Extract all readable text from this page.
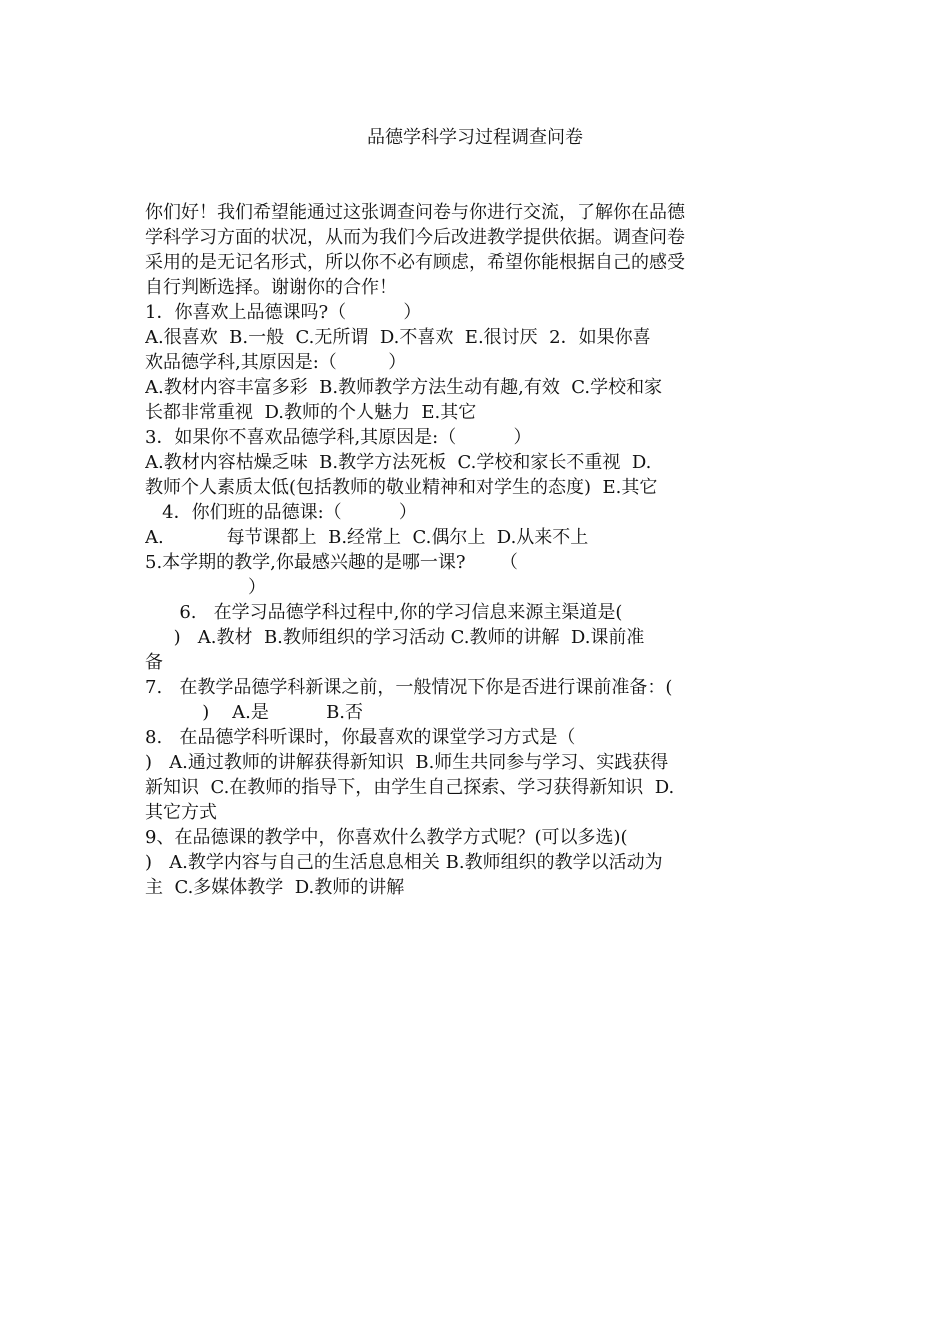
品德学科学习过程调查问卷

你们好！我们希望能通过这张调查问卷与你进行交流，了解你在品德
学科学习方面的状况，从而为我们今后改进教学提供依据。调查问卷
采用的是无记名形式，所以你不必有顾虑，希望你能根据自己的感受
自行判断选择。谢谢你的合作！
1．你喜欢上品德课吗?（          ）
A.很喜欢  B.一般  C.无所谓  D.不喜欢  E.很讨厌  2．如果你喜
欢品德学科,其原因是:（         ）
A.教材内容丰富多彩  B.教师教学方法生动有趣,有效  C.学校和家
长都非常重视  D.教师的个人魅力  E.其它
3．如果你不喜欢品德学科,其原因是:（          ）
A.教材内容枯燥乏味  B.教学方法死板  C.学校和家长不重视  D.
教师个人素质太低(包括教师的敬业精神和对学生的态度)  E.其它
4．你们班的品德课:（          ）
A.           每节课都上  B.经常上  C.偶尔上  D.从来不上
5.本学期的教学,你最感兴趣的是哪一课?      （
）
6.   在学习品德学科过程中,你的学习信息来源主渠道是(
)   A.教材  B.教师组织的学习活动 C.教师的讲解  D.课前准
备
7.   在教学品德学科新课之前，一般情况下你是否进行课前准备：(
)    A.是          B.否
8.   在品德学科听课时，你最喜欢的课堂学习方式是（
)   A.通过教师的讲解获得新知识  B.师生共同参与学习、实践获得
新知识  C.在教师的指导下，由学生自己探索、学习获得新知识  D.
其它方式
9、在品德课的教学中，你喜欢什么教学方式呢？(可以多选)(
)   A.教学内容与自己的生活息息相关 B.教师组织的教学以活动为
主  C.多媒体教学  D.教师的讲解
